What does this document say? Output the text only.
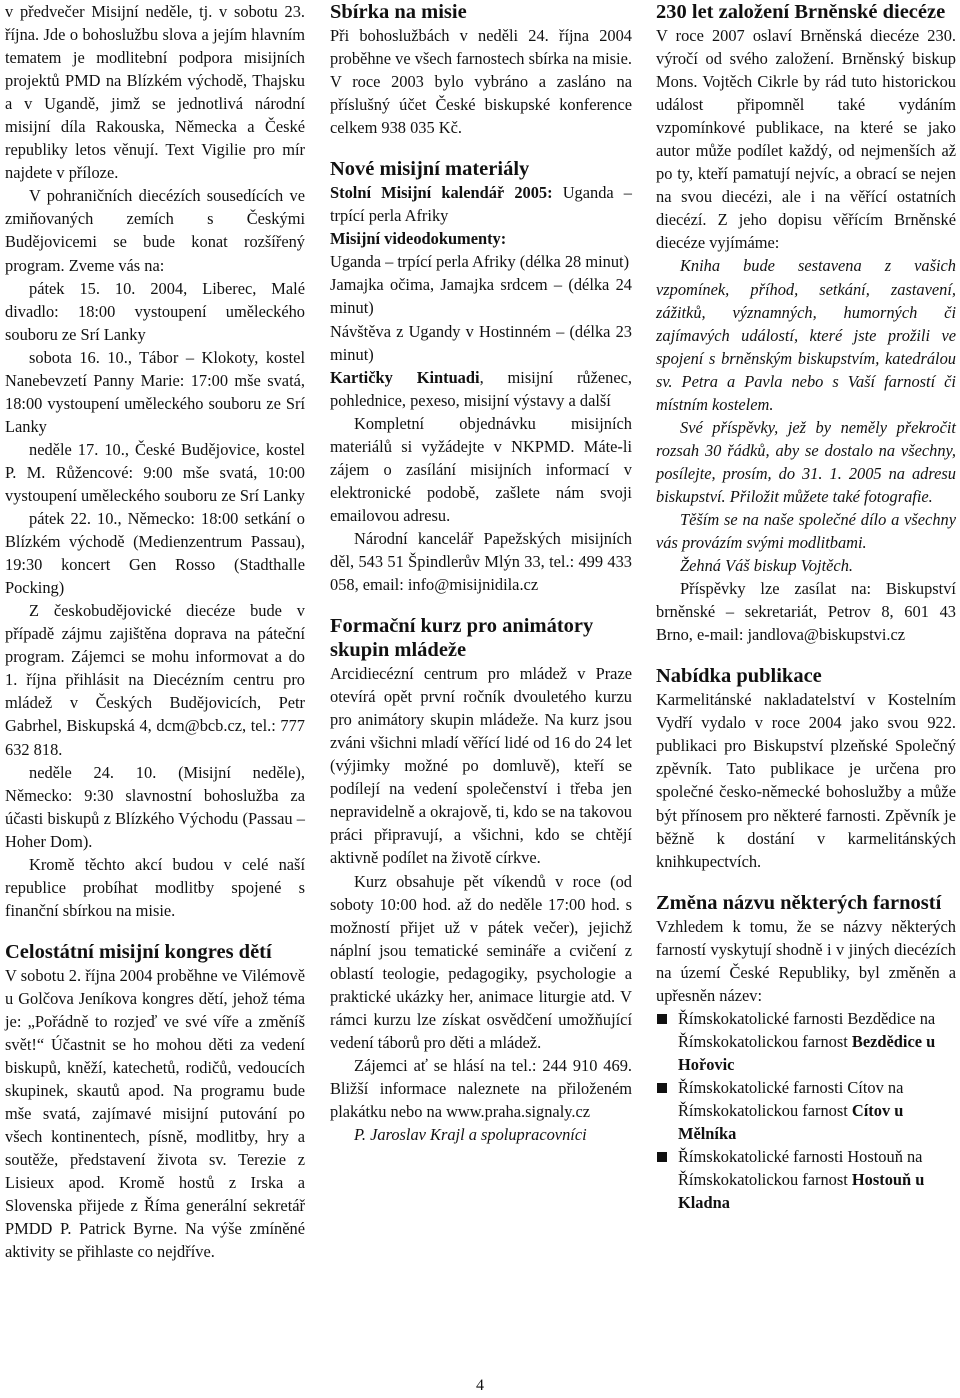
v předvečer Misijní neděle, tj. v sobotu 23. října. Jde o bohoslužbu slova a jejím hlavním tematem je modlitební podpora misijních projektů PMD na Blízkém východě, Thajsku a v Ugandě, jimž se jednotlivá národní misijní díla Rakouska, Německa a České republiky letos věnují. Text Vigilie pro mír najdete v příloze.

V pohraničních diecézích sousedících ve zmiňovaných zemích s Českými Budějovicemi se bude konat rozšířený program. Zveme vás na:

pátek 15. 10. 2004, Liberec, Malé divadlo: 18:00 vystoupení uměleckého souboru ze Srí Lanky

sobota 16. 10., Tábor – Klokoty, kostel Nanebevzetí Panny Marie: 17:00 mše svatá, 18:00 vystoupení uměleckého souboru ze Srí Lanky

neděle 17. 10., České Budějovice, kostel P. M. Růžencové: 9:00 mše svatá, 10:00 vystoupení uměleckého souboru ze Srí Lanky

pátek 22. 10., Německo: 18:00 setkání o Blízkém východě (Medienzentrum Passau), 19:30 koncert Gen Rosso (Stadthalle Pocking)

Z českobudějovické diecéze bude v případě zájmu zajištěna doprava na páteční program. Zájemci se mohu informovat a do 1. října přihlásit na Diecézním centru pro mládež v Českých Budějovicích, Petr Gabrhel, Biskupská 4, dcm@bcb.cz, tel.: 777 632 818.

neděle 24. 10. (Misijní neděle), Německo: 9:30 slavnostní bohoslužba za účasti biskupů z Blízkého Východu (Passau – Hoher Dom).

Kromě těchto akcí budou v celé naší republice probíhat modlitby spojené s finanční sbírkou na misie.

Celostátní misijní kongres dětí

V sobotu 2. října 2004 proběhne ve Vilémově u Golčova Jeníkova kongres dětí, jehož téma je: „Pořádně to rozjeď ve své víře a změníš svět!“ Účastnit se ho mohou děti za vedení biskupů, kněží, katechetů, rodičů, vedoucích skupinek, skautů apod. Na programu bude mše svatá, zajímavé misijní putování po všech kontinentech, písně, modlitby, hry a soutěže, představení života sv. Terezie z Lisieux apod. Kromě hostů z Irska a Slovenska přijede z Říma generální sekretář PMDD P. Patrick Byrne. Na výše zmíněné aktivity se přihlaste co nejdříve.

Sbírka na misie

Při bohoslužbách v neděli 24. října 2004 proběhne ve všech farnostech sbírka na misie. V roce 2003 bylo vybráno a zasláno na příslušný účet České biskupské konference celkem 938 035 Kč.

Nové misijní materiály

Stolní Misijní kalendář 2005: Uganda – trpící perla Afriky

Misijní videodokumenty:

Uganda – trpící perla Afriky (délka 28 minut)

Jamajka očima, Jamajka srdcem – (délka 24 minut)

Návštěva z Ugandy v Hostinném – (délka 23 minut)

Kartičky Kintuadi, misijní růženec, pohlednice, pexeso, misijní výstavy a další

Kompletní objednávku misijních materiálů si vyžádejte v NKPMD. Máte-li zájem o zasílání misijních informací v elektronické podobě, zašlete nám svoji emailovou adresu.

Národní kancelář Papežských misijních děl, 543 51 Špindlerův Mlýn 33, tel.: 499 433 058, email: info@misijnidila.cz

Formační kurz pro animátory skupin mládeže

Arcidiecézní centrum pro mládež v Praze otevírá opět první ročník dvouletého kurzu pro animátory skupin mládeže. Na kurz jsou zváni všichni mladí věřící lidé od 16 do 24 let (výjimky možné po domluvě), kteří se podílejí na vedení společenství i třeba jen nepravidelně a okrajově, ti, kdo se na takovou práci připravují, a všichni, kdo se chtějí aktivně podílet na životě církve.

Kurz obsahuje pět víkendů v roce (od soboty 10:00 hod. až do neděle 17:00 hod. s možností přijet už v pátek večer), jejichž náplní jsou tematické semináře a cvičení z oblastí teologie, pedagogiky, psychologie a praktické ukázky her, animace liturgie atd. V rámci kurzu lze získat osvědčení umožňující vedení táborů pro děti a mládež.

Zájemci ať se hlásí na tel.: 244 910 469. Bližší informace naleznete na přiloženém plakátku nebo na www.praha.signaly.cz

P. Jaroslav Krajl a spolupracovníci

230 let založení Brněnské diecéze

V roce 2007 oslaví Brněnská diecéze 230. výročí od svého založení. Brněnský biskup Mons. Vojtěch Cikrle by rád tuto historickou událost připomněl také vydáním vzpomínkové publikace, na které se jako autor může podílet každý, od nejmenších až po ty, kteří pamatují nejvíc, a obrací se nejen na svou diecézi, ale i na věřící ostatních diecézí. Z jeho dopisu věřícím Brněnské diecéze vyjímáme:

Kniha bude sestavena z vašich vzpomínek, příhod, setkání, zastavení, zážitků, významných, humorných či zajímavých událostí, které jste prožili ve spojení s brněnským biskupstvím, katedrálou sv. Petra a Pavla nebo s Vaší farností či místním kostelem.

Své příspěvky, jež by neměly překročit rozsah 30 řádků, aby se dostalo na všechny, posílejte, prosím, do 31. 1. 2005 na adresu biskupství. Přiložit můžete také fotografie.

Těším se na naše společné dílo a všechny vás provázím svými modlitbami.

Žehná Váš biskup Vojtěch.

Příspěvky lze zasílat na: Biskupství brněnské – sekretariát, Petrov 8, 601 43 Brno, e-mail: jandlova@biskupstvi.cz

Nabídka publikace

Karmelitánské nakladatelství v Kostelním Vydří vydalo v roce 2004 jako svou 922. publikaci pro Biskupství plzeňské Společný zpěvník. Tato publikace je určena pro společné česko-německé bohoslužby a může být přínosem pro některé farnosti. Zpěvník je běžně k dostání v karmelitánských knihkupectvích.

Změna názvu některých farností

Vzhledem k tomu, že se názvy některých farností vyskytují shodně i v jiných diecézích na území České Republiky, byl změněn a upřesněn název:

Římskokatolické farnosti Bezdědice na Římskokatolickou farnost Bezdědice u Hořovic
Římskokatolické farnosti Cítov na Římskokatolickou farnost Cítov u Mělníka
Římskokatolické farnosti Hostouň na Římskokatolickou farnost Hostouň u Kladna
4
